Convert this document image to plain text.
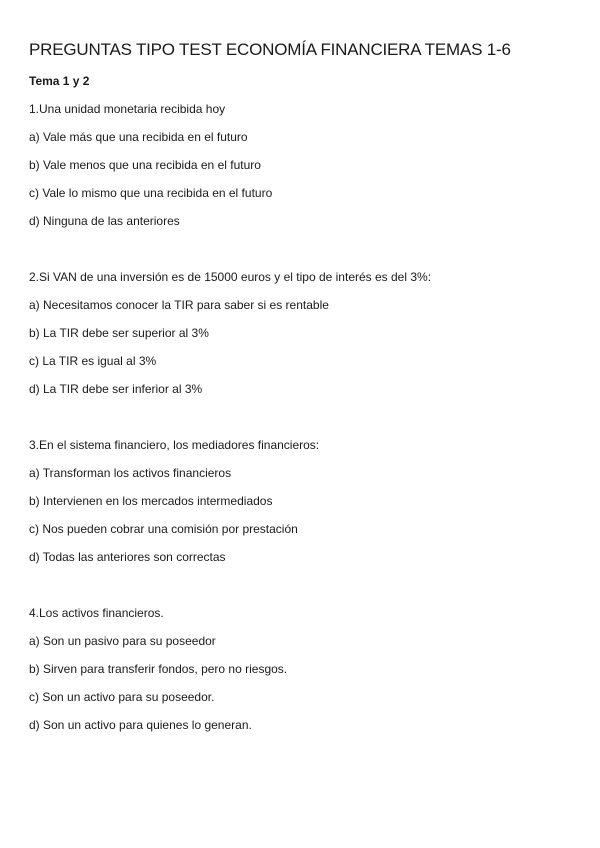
PREGUNTAS TIPO TEST ECONOMÍA FINANCIERA TEMAS 1-6
Tema 1 y 2

1.Una unidad monetaria recibida hoy

a) Vale más que una recibida en el futuro

b) Vale menos que una recibida en el futuro

c) Vale lo mismo que una recibida en el futuro

d) Ninguna de las anteriores

2.Si VAN de una inversión es de 15000 euros y el tipo de interés es del 3%:

a) Necesitamos conocer la TIR para saber si es rentable

b) La TIR debe ser superior al 3%

c) La TIR es igual al 3%

d) La TIR debe ser inferior al 3%

3.En el sistema financiero, los mediadores financieros:

a) Transforman los activos financieros

b) Intervienen en los mercados intermediados

c) Nos pueden cobrar una comisión por prestación

d) Todas las anteriores son correctas

4.Los activos financieros.

a) Son un pasivo para su poseedor

b) Sirven para transferir fondos, pero no riesgos.

c) Son un activo para su poseedor.

d) Son un activo para quienes lo generan.
